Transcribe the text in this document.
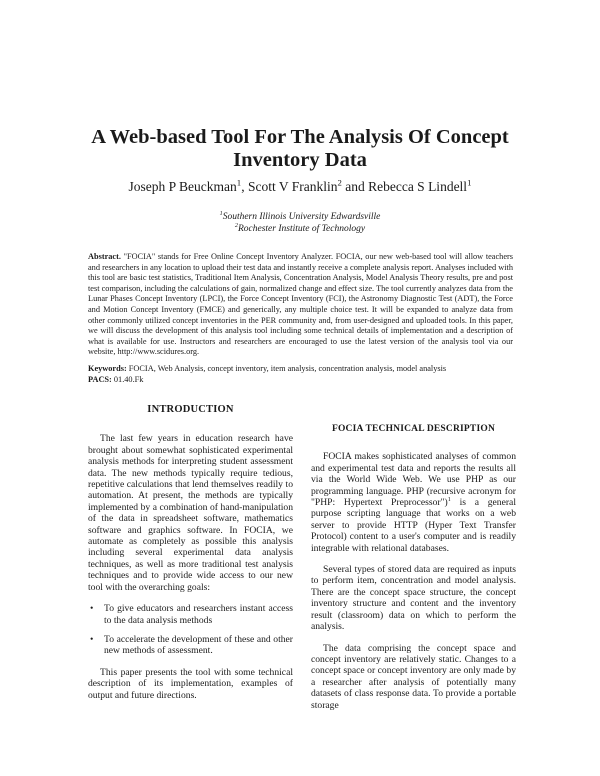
A Web-based Tool For The Analysis Of Concept Inventory Data
Joseph P Beuckman$^1$, Scott V Franklin$^2$ and Rebecca S Lindell$^1$
$^1$Southern Illinois University Edwardsville
$^2$Rochester Institute of Technology
Abstract. "FOCIA" stands for Free Online Concept Inventory Analyzer. FOCIA, our new web-based tool will allow teachers and researchers in any location to upload their test data and instantly receive a complete analysis report. Analyses included with this tool are basic test statistics, Traditional Item Analysis, Concentration Analysis, Model Analysis Theory results, pre and post test comparison, including the calculations of gain, normalized change and effect size. The tool currently analyzes data from the Lunar Phases Concept Inventory (LPCI), the Force Concept Inventory (FCI), the Astronomy Diagnostic Test (ADT), the Force and Motion Concept Inventory (FMCE) and generically, any multiple choice test. It will be expanded to analyze data from other commonly utilized concept inventories in the PER community and, from user-designed and uploaded tools. In this paper, we will discuss the development of this analysis tool including some technical details of implementation and a description of what is available for use. Instructors and researchers are encouraged to use the latest version of the analysis tool via our website, http://www.scidures.org.
Keywords: FOCIA, Web Analysis, concept inventory, item analysis, concentration analysis, model analysis
PACS: 01.40.Fk
INTRODUCTION

The last few years in education research have brought about somewhat sophisticated experimental analysis methods for interpreting student assessment data. The new methods typically require tedious, repetitive calculations that lend themselves readily to automation. At present, the methods are typically implemented by a combination of hand-manipulation of the data in spreadsheet software, mathematics software and graphics software. In FOCIA, we automate as completely as possible this analysis including several experimental data analysis techniques, as well as more traditional test analysis techniques and to provide wide access to our new tool with the overarching goals:

• To give educators and researchers instant access to the data analysis methods
• To accelerate the development of these and other new methods of assessment.

This paper presents the tool with some technical description of its implementation, examples of output and future directions.

FOCIA TECHNICAL DESCRIPTION

FOCIA makes sophisticated analyses of common and experimental test data and reports the results all via the World Wide Web. We use PHP as our programming language. PHP (recursive acronym for "PHP: Hypertext Preprocessor")$^1$ is a general purpose scripting language that works on a web server to provide HTTP (Hyper Text Transfer Protocol) content to a user's computer and is readily integrable with relational databases.

Several types of stored data are required as inputs to perform item, concentration and model analysis. There are the concept space structure, the concept inventory structure and content and the inventory result (classroom) data on which to perform the analysis.

The data comprising the concept space and concept inventory are relatively static. Changes to a concept space or concept inventory are only made by a researcher after analysis of potentially many datasets of class response data. To provide a portable storage
